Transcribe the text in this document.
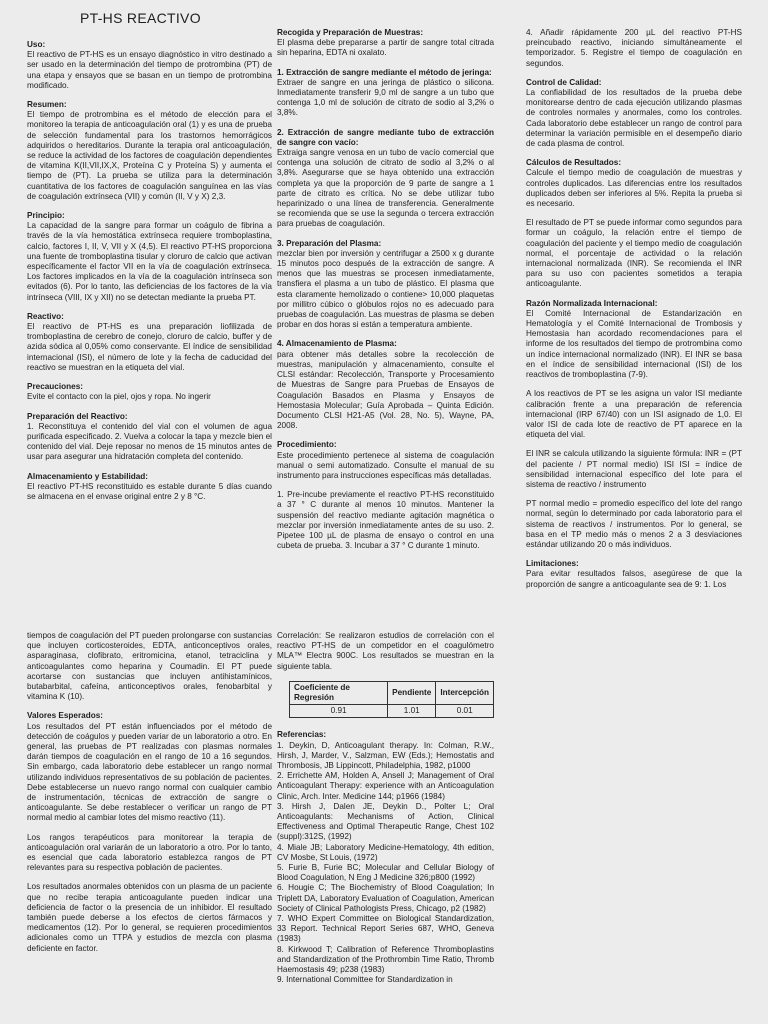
PT-HS REACTIVO
Uso:
El reactivo de PT-HS es un ensayo diagnóstico in vitro destinado a ser usado en la determinación del tiempo de protrombina (PT) de una etapa y ensayos que se basan en un tiempo de protrombina modificado.
Resumen:
El tiempo de protrombina es el método de elección para el monitoreo la terapia de anticoagulación oral (1) y es una de prueba de selección fundamental para los trastornos hemorrágicos adquiridos o hereditarios. Durante la terapia oral anticoagulación, se reduce la actividad de los factores de coagulación dependientes de vitamina K(II,VII,IX,X, Proteína C y Proteína S) y aumenta el tiempo de (PT). La prueba se utiliza para la determinación cuantitativa de los factores de coagulación sanguínea en las vías de coagulación extrínseca (VII) y común (II, V y X) 2,3.
Principio:
La capacidad de la sangre para formar un coágulo de fibrina a través de la vía hemostática extrínseca requiere tromboplastina, calcio, factores I, II, V, VII y X (4,5). El reactivo PT-HS proporciona una fuente de tromboplastina tisular y cloruro de calcio que activan específicamente el factor VII en la vía de coagulación extrínseca. Los factores implicados en la vía de la coagulación intrínseca son evitados (6). Por lo tanto, las deficiencias de los factores de la vía intrínseca (VIII, IX y XII) no se detectan mediante la prueba PT.
Reactivo:
El reactivo de PT-HS es una preparación liofilizada de tromboplastina de cerebro de conejo, cloruro de calcio, buffer y de azida sódica al 0,05% como conservante. El índice de sensibilidad internacional (ISI), el número de lote y la fecha de caducidad del reactivo se muestran en la etiqueta del vial.
Precauciones:
Evite el contacto con la piel, ojos y ropa. No ingerir
Preparación del Reactivo:
1. Reconstituya el contenido del vial con el volumen de agua purificada especificado. 2. Vuelva a colocar la tapa y mezcle bien el contenido del vial. Deje reposar no menos de 15 minutos antes de usar para asegurar una hidratación completa del contenido.
Almacenamiento y Estabilidad:
El reactivo PT-HS reconstituido es estable durante 5 días cuando se almacena en el envase original entre 2 y 8 °C.
Recogida y Preparación de Muestras:
El plasma debe prepararse a partir de sangre total citrada sin heparina, EDTA ni oxalato.
1. Extracción de sangre mediante el método de jeringa:
Extraer de sangre en una jeringa de plástico o silicona. Inmediatamente transferir 9,0 ml de sangre a un tubo que contenga 1,0 ml de solución de citrato de sodio al 3,2% o 3,8%.
2. Extracción de sangre mediante tubo de extracción de sangre con vacío:
Extraiga sangre venosa en un tubo de vacío comercial que contenga una solución de citrato de sodio al 3,2% o al 3,8%. Asegurarse que se haya obtenido una extracción completa ya que la proporción de 9 parte de sangre a 1 parte de citrato es crítica. No se debe utilizar tubo heparinizado o una línea de transferencia. Generalmente se recomienda que se use la segunda o tercera extracción para pruebas de coagulación.
3. Preparación del Plasma:
mezclar bien por inversión y centrifugar a 2500 x g durante 15 minutos poco después de la extracción de sangre. A menos que las muestras se procesen inmediatamente, transfiera el plasma a un tubo de plástico. El plasma que esta claramente hemolizado o contiene> 10,000 plaquetas por millitro cúbico o glóbulos rojos no es adecuado para pruebas de coagulación. Las muestras de plasma se deben probar en dos horas si están a temperatura ambiente.
4. Almacenamiento de Plasma:
para obtener más detalles sobre la recolección de muestras, manipulación y almacenamiento, consulte el CLSI estándar: Recolección, Transporte y Procesamiento de Muestras de Sangre para Pruebas de Ensayos de Coagulación Basados en Plasma y Ensayos de Hemostasia Molecular; Guía Aprobada – Quinta Edición. Documento CLSI H21-A5 (Vol. 28, No. 5), Wayne, PA, 2008.
Procedimiento:
Este procedimiento pertenece al sistema de coagulación manual o semi automatizado. Consulte el manual de su instrumento para instrucciones específicas más detalladas.
1. Pre-incube previamente el reactivo PT-HS reconstituido a 37 ° C durante al menos 10 minutos. Mantener la suspensión del reactivo mediante agitación magnética o mezclar por inversión inmediatamente antes de su uso. 2. Pipetee 100 µL de plasma de ensayo o control en una cubeta de prueba. 3. Incubar a 37 ° C durante 1 minuto.
4. Añadir rápidamente 200 µL del reactivo PT-HS preincubado reactivo, iniciando simultáneamente el temporizador. 5. Registre el tiempo de coagulación en segundos.
Control de Calidad:
La confiabilidad de los resultados de la prueba debe monitorearse dentro de cada ejecución utilizando plasmas de controles normales y anormales, como los controles. Cada laboratorio debe establecer un rango de control para determinar la variación permisible en el desempeño diario de cada plasma de control.
Cálculos de Resultados:
Calcule el tiempo medio de coagulación de muestras y controles duplicados. Las diferencias entre los resultados duplicados deben ser inferiores al 5%. Repita la prueba si es necesario.
El resultado de PT se puede informar como segundos para formar un coágulo, la relación entre el tiempo de coagulación del paciente y el tiempo medio de coagulación normal, el porcentaje de actividad o la relación internacional normalizada (INR). Se recomienda el INR para su uso con pacientes sometidos a terapia anticoagulante.
Razón Normalizada Internacional:
El Comité Internacional de Estandarización en Hematología y el Comité Internacional de Trombosis y Hemostasia han acordado recomendaciones para el informe de los resultados del tiempo de protrombina como un índice internacional normalizado (INR). El INR se basa en el índice de sensibilidad internacional (ISI) de los reactivos de tromboplastina (7-9).
A los reactivos de PT se les asigna un valor ISI mediante calibración frente a una preparación de referencia internacional (IRP 67/40) con un ISI asignado de 1,0. El valor ISI de cada lote de reactivo de PT aparece en la etiqueta del vial.
El INR se calcula utilizando la siguiente fórmula: INR = (PT del paciente / PT normal medio) ISI ISI = índice de sensibilidad internacional específico del lote para el sistema de reactivo / instrumento
PT normal medio = promedio específico del lote del rango normal, según lo determinado por cada laboratorio para el sistema de reactivos / instrumentos. Por lo general, se basa en el TP medio más o menos 2 a 3 desviaciones estándar utilizando 20 o más individuos.
Limitaciones:
Para evitar resultados falsos, asegúrese de que la proporción de sangre a anticoagulante sea de 9: 1. Los
tiempos de coagulación del PT pueden prolongarse con sustancias que incluyen corticosteroides, EDTA, anticonceptivos orales, asparaginasa, clofibrato, eritromicina, etanol, tetraciclina y anticoagulantes como heparina y Coumadin. El PT puede acortarse con sustancias que incluyen antihistamínicos, butabarbital, cafeína, anticonceptivos orales, fenobarbital y vitamina K (10).
Valores Esperados:
Los resultados del PT están influenciados por el método de detección de coágulos y pueden variar de un laboratorio a otro. En general, las pruebas de PT realizadas con plasmas normales darán tiempos de coagulación en el rango de 10 a 16 segundos. Sin embargo, cada laboratorio debe establecer un rango normal utilizando individuos representativos de su población de pacientes. Debe establecerse un nuevo rango normal con cualquier cambio de instrumentación, técnicas de extracción de sangre o anticoagulante. Se debe restablecer o verificar un rango de PT normal medio al cambiar lotes del mismo reactivo (11).
Los rangos terapéuticos para monitorear la terapia de anticoagulación oral variarán de un laboratorio a otro. Por lo tanto, es esencial que cada laboratorio establezca rangos de PT relevantes para su respectiva población de pacientes.
Los resultados anormales obtenidos con un plasma de un paciente que no recibe terapia anticoagulante pueden indicar una deficiencia de factor o la presencia de un inhibidor. El resultado también puede deberse a los efectos de ciertos fármacos y medicamentos (12). Por lo general, se requieren procedimientos adicionales como un TTPA y estudios de mezcla con plasma deficiente en factor.

Correlación: Se realizaron estudios de correlación con el reactivo PT-HS de un competidor en el coagulómetro MLA™ Electra 900C. Los resultados se muestran en la siguiente tabla.

Coeficiente de Regresión	Pendiente	Intercepción
0.91	1.01	0.01
Referencias:

1. Deykin, D, Anticoagulant therapy. In: Colman, R.W., Hirsh, J, Marder, V., Salzman, EW (Eds.); Hemostatis and Thrombosis, JB Lippincott, Philadelphia, 1982, p1000

2. Errichette AM, Holden A, Ansell J; Management of Oral Anticoagulant Therapy: experience with an Anticoagulation Clinic, Arch. Inter. Medicine 144; p1966 (1984)

3. Hirsh J, Dalen JE, Deykin D., Polter L; Oral Anticoagulants: Mechanisms of Action, Clinical Effectiveness and Optimal Therapeutic Range, Chest 102 (suppl):312S, (1992)

4. Miale JB; Laboratory Medicine-Hematology, 4th edition, CV Mosbe, St Louis, (1972)

5. Furie B, Furie BC; Molecular and Cellular Biology of Blood Coagulation, N Eng J Medicine 326;p800 (1992)

6. Hougie C; The Biochemistry of Blood Coagulation; In Triplett DA, Laboratory Evaluation of Coagulation, American Society of Clinical Pathologists Press, Chicago, p2 (1982)

7. WHO Expert Committee on Biological Standardization, 33 Report. Technical Report Series 687, WHO, Geneva (1983)

8. Kirkwood T; Calibration of Reference Thromboplastins and Standardization of the Prothrombin Time Ratio, Thromb Haemostasis 49; p238 (1983)

9. International Committee for Standardization in
